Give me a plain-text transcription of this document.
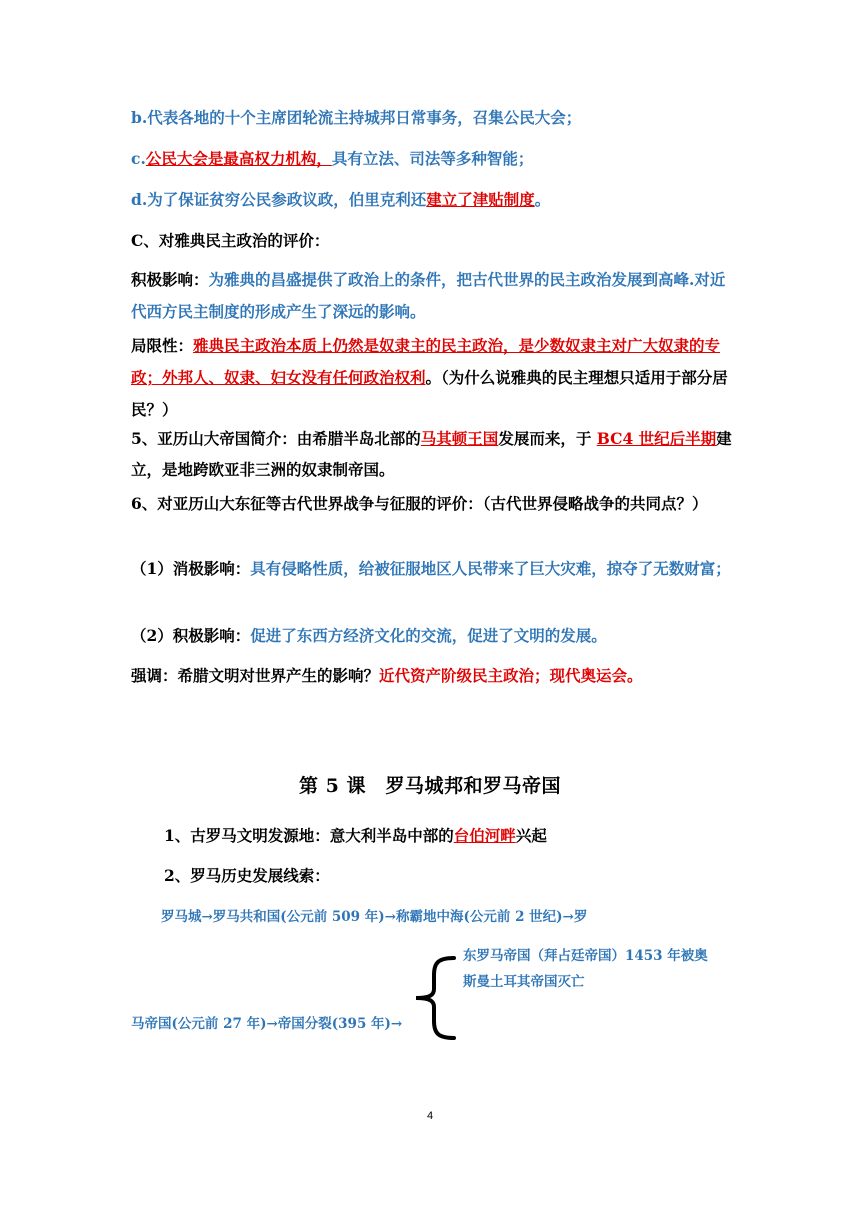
b.代表各地的十个主席团轮流主持城邦日常事务，召集公民大会；

c.公民大会是最高权力机构，具有立法、司法等多种智能；

d.为了保证贫穷公民参政议政，伯里克利还建立了津贴制度。

C、对雅典民主政治的评价：

积极影响：为雅典的昌盛提供了政治上的条件，把古代世界的民主政治发展到高峰.对近代西方民主制度的形成产生了深远的影响。

局限性：雅典民主政治本质上仍然是奴隶主的民主政治，是少数奴隶主对广大奴隶的专政；外邦人、奴隶、妇女没有任何政治权利。（为什么说雅典的民主理想只适用于部分居民？）

5、亚历山大帝国简介：由希腊半岛北部的马其顿王国发展而来，于 BC4 世纪后半期建立，是地跨欧亚非三洲的奴隶制帝国。

6、对亚历山大东征等古代世界战争与征服的评价：（古代世界侵略战争的共同点？）

（1）消极影响：具有侵略性质，给被征服地区人民带来了巨大灾难，掠夺了无数财富；

（2）积极影响：促进了东西方经济文化的交流，促进了文明的发展。

强调：希腊文明对世界产生的影响？近代资产阶级民主政治；现代奥运会。

第 5 课　罗马城邦和罗马帝国
1、古罗马文明发源地：意大利半岛中部的台伯河畔兴起
2、罗马历史发展线索：
罗马城→罗马共和国(公元前 509 年)→称霸地中海(公元前 2 世纪)→罗
东罗马帝国（拜占廷帝国）1453 年被奥
斯曼土耳其帝国灭亡
马帝国(公元前 27 年)→帝国分裂(395 年)→
4
